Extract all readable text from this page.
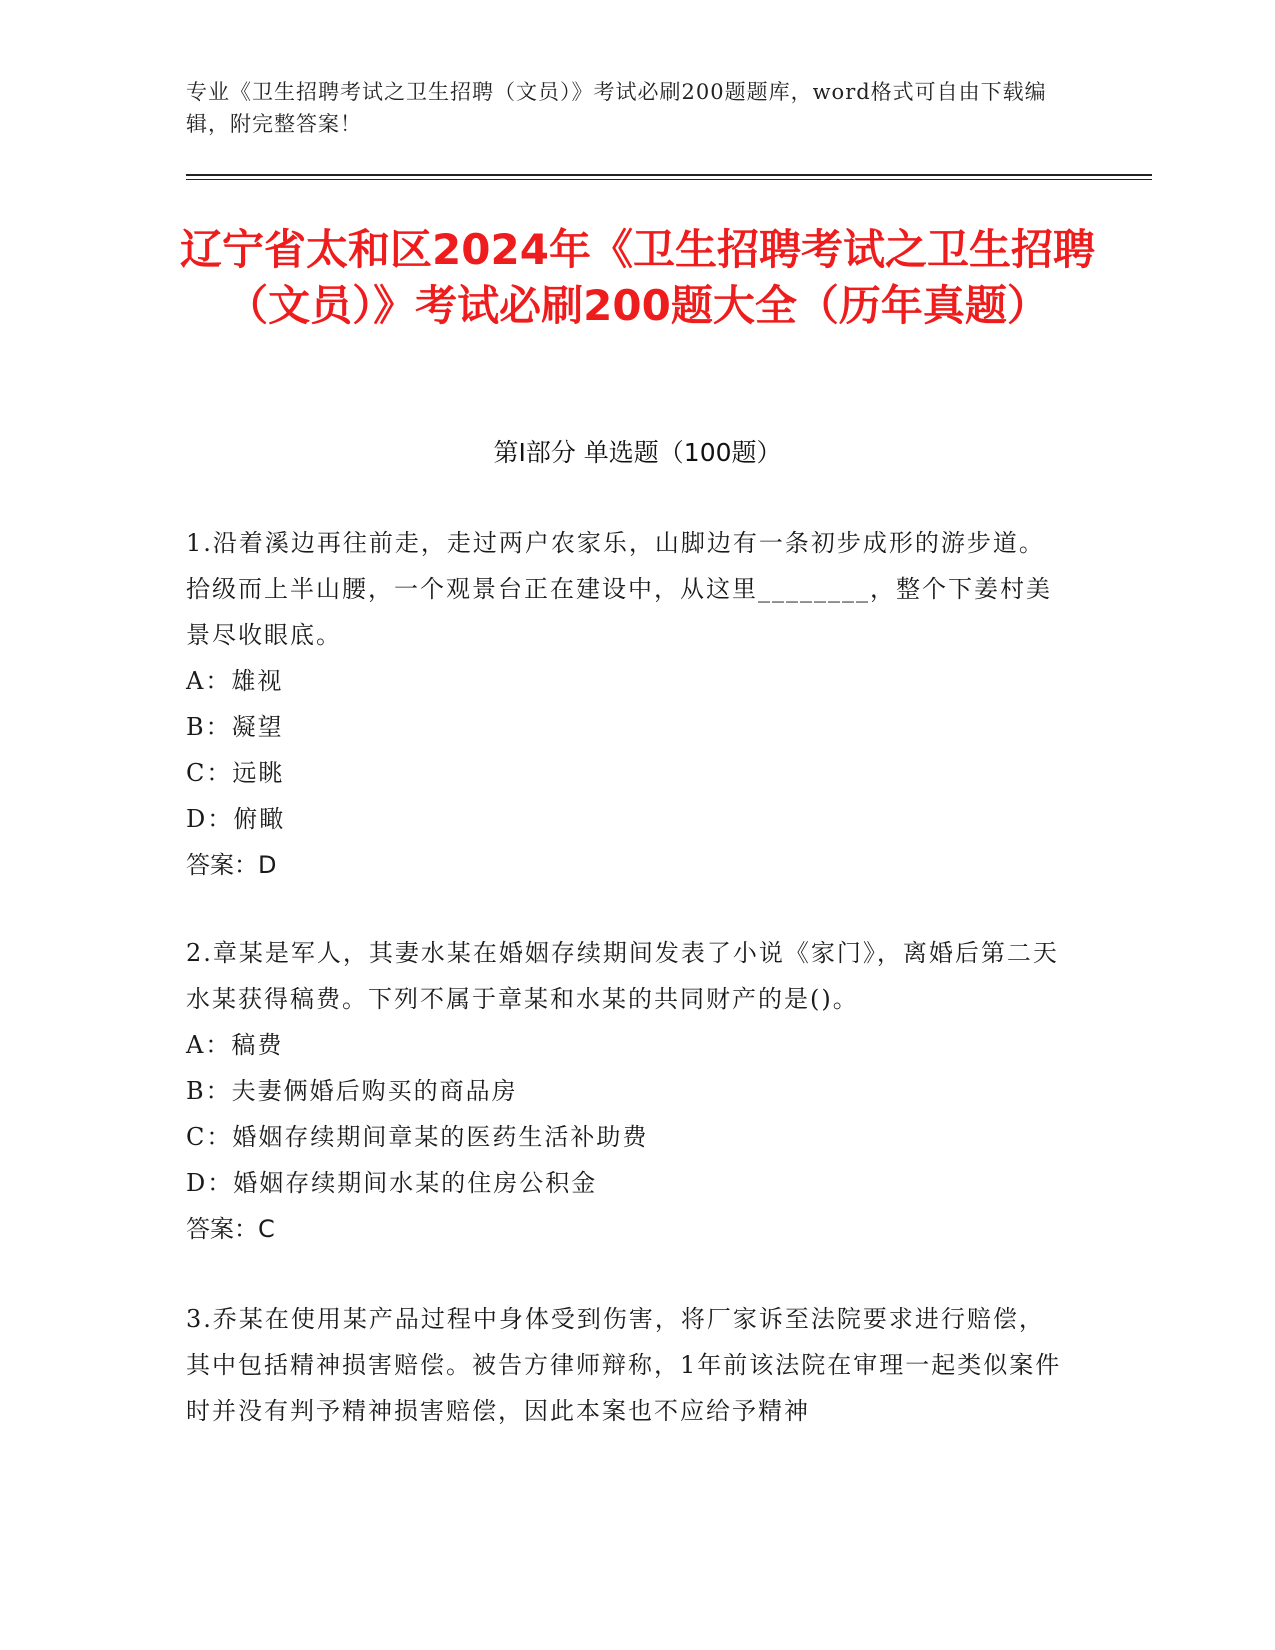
专业《卫生招聘考试之卫生招聘（文员）》考试必刷200题题库，word格式可自由下载编辑，附完整答案！
辽宁省太和区2024年《卫生招聘考试之卫生招聘（文员）》考试必刷200题大全（历年真题）
第Ⅰ部分 单选题（100题）

1.沿着溪边再往前走，走过两户农家乐，山脚边有一条初步成形的游步道。拾级而上半山腰，一个观景台正在建设中，从这里________，整个下姜村美景尽收眼底。

A：雄视

B：凝望

C：远眺

D：俯瞰

答案：D

2.章某是军人，其妻水某在婚姻存续期间发表了小说《家门》，离婚后第二天水某获得稿费。下列不属于章某和水某的共同财产的是()。

A：稿费

B：夫妻俩婚后购买的商品房

C：婚姻存续期间章某的医药生活补助费

D：婚姻存续期间水某的住房公积金

答案：C

3.乔某在使用某产品过程中身体受到伤害，将厂家诉至法院要求进行赔偿，其中包括精神损害赔偿。被告方律师辩称，1年前该法院在审理一起类似案件时并没有判予精神损害赔偿，因此本案也不应给予精神
